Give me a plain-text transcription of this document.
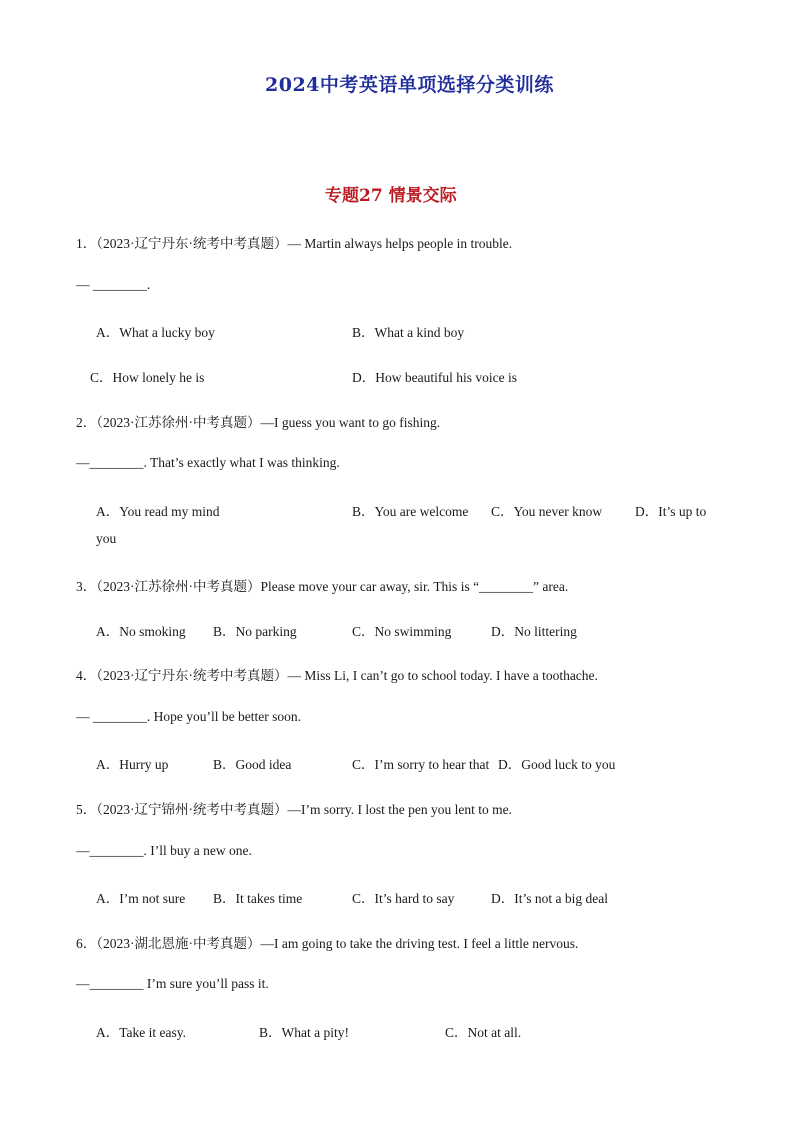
2024中考英语单项选择分类训练
专题27 情景交际
1．（2023·辽宁丹东·统考中考真题）— Martin always helps people in trouble.
— ________.
A．What a lucky boy	B．What a kind boy
C．How lonely he is	D．How beautiful his voice is
2．（2023·江苏徐州·中考真题）—I guess you want to go fishing.
—________. That’s exactly what I was thinking.
A．You read my mind	B．You are welcome C．You never know D．It’s up to
you
3．（2023·江苏徐州·中考真题）Please move your car away, sir. This is “________” area.
A．No smoking B．No parking	C．No swimming	D．No littering
4．（2023·辽宁丹东·统考中考真题）— Miss Li, I can’t go to school today. I have a toothache.
— ________. Hope you’ll be better soon.
A．Hurry up	B．Good idea	C．I’m sorry to hear that D．Good luck to you
5．（2023·辽宁锦州·统考中考真题）—I’m sorry. I lost the pen you lent to me.
—________. I’ll buy a new one.
A．I’m not sure B．It takes time	C．It’s hard to say	D．It’s not a big deal
6．（2023·湖北恩施·中考真题）—I am going to take the driving test. I feel a little nervous.
—________ I’m sure you’ll pass it.
A．Take it easy.	B．What a pity!	C．Not at all.
